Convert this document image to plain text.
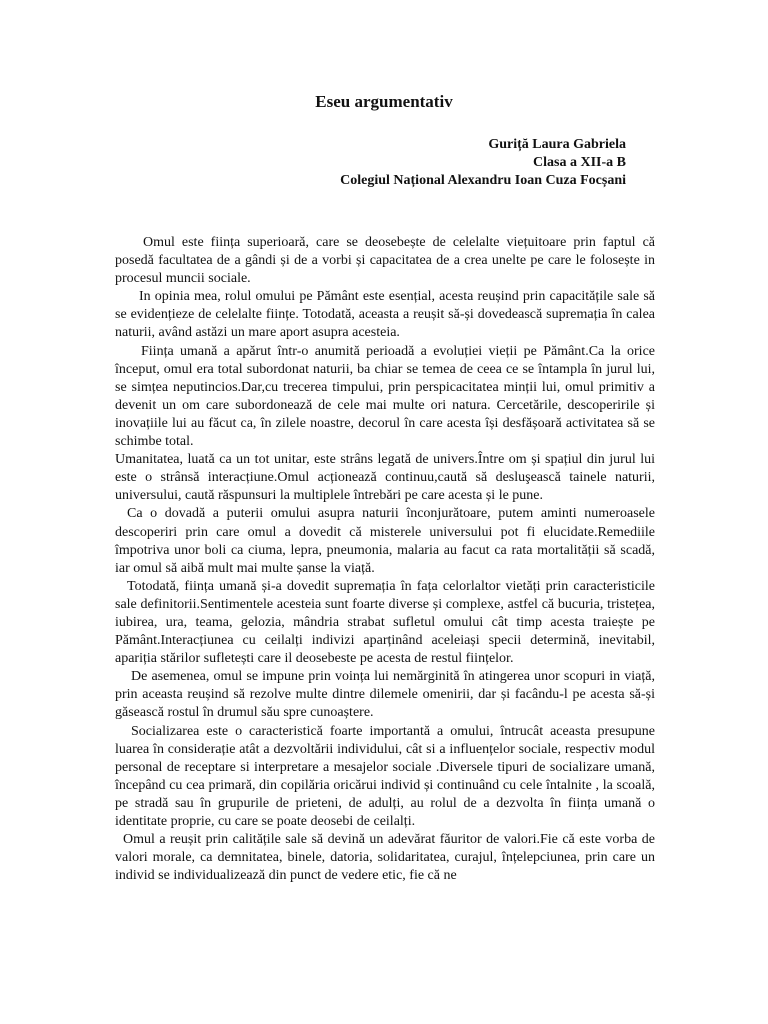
Eseu argumentativ
Guriță Laura Gabriela
Clasa a XII-a B
Colegiul Național Alexandru Ioan Cuza Focșani

Omul este ființa superioară, care se deosebește de celelalte viețuitoare prin faptul că posedă facultatea de a gândi și de a vorbi și capacitatea de a crea unelte pe care le folosește in procesul muncii sociale.

In opinia mea, rolul omului pe Pământ este esențial, acesta reușind prin capacitățile sale să se evidențieze de celelalte ființe. Totodată, aceasta a reușit să-și dovedească supremația în calea naturii, având astăzi un mare aport asupra acesteia.

Ființa umană a apărut într-o anumită perioadă a evoluției vieții pe Pământ.Ca la orice început, omul era total subordonat naturii, ba chiar se temea de ceea ce se întampla în jurul lui, se simțea neputincios.Dar,cu trecerea timpului, prin perspicacitatea minții lui, omul primitiv a devenit un om care subordonează de cele mai multe ori natura. Cercetările, descoperirile și inovațiile lui au făcut ca, în zilele noastre, decorul în care acesta își desfășoară activitatea să se schimbe total.

Umanitatea, luată ca un tot unitar, este strâns legată de univers.Între om și spațiul din jurul lui este o strânsă interacțiune.Omul acționează continuu,caută să desluşească tainele naturii, universului, caută răspunsuri la multiplele întrebări pe care acesta și le pune.

Ca o dovadă a puterii omului asupra naturii înconjurătoare, putem aminti numeroasele descoperiri prin care omul a dovedit că misterele universului pot fi elucidate.Remediile împotriva unor boli ca ciuma, lepra, pneumonia, malaria au facut ca rata mortalității să scadă, iar omul să aibă mult mai multe șanse la viață.

Totodată, ființa umană și-a dovedit supremația în fața celorlaltor vietăți prin caracteristicile sale definitorii.Sentimentele acesteia sunt foarte diverse și complexe, astfel că bucuria, tristețea, iubirea, ura, teama, gelozia, mândria strabat sufletul omului cât timp acesta traiește pe Pământ.Interacțiunea cu ceilalți indivizi aparținând aceleiași specii determină, inevitabil, apariția stărilor sufletești care il deosebeste pe acesta de restul ființelor.

De asemenea, omul se impune prin voința lui nemărginită în atingerea unor scopuri in viață, prin aceasta reușind să rezolve multe dintre dilemele omenirii, dar și facându-l pe acesta să-și găsească rostul în drumul său spre cunoaștere.

Socializarea este o caracteristică foarte importantă a omului, întrucât aceasta presupune luarea în considerație atât a dezvoltării individului, cât si a influențelor sociale, respectiv modul personal de receptare si interpretare a mesajelor sociale .Diversele tipuri de socializare umană, începând cu cea primară, din copilăria oricărui individ și continuând cu cele întalnite , la scoală, pe stradă sau în grupurile de prieteni, de adulți, au rolul de a dezvolta în ființa umană o identitate proprie, cu care se poate deosebi de ceilalți.

Omul a reușit prin calitățile sale să devină un adevărat făuritor de valori.Fie că este vorba de valori morale, ca demnitatea, binele, datoria, solidaritatea, curajul, înțelepciunea, prin care un individ se individualizează din punct de vedere etic, fie că ne
